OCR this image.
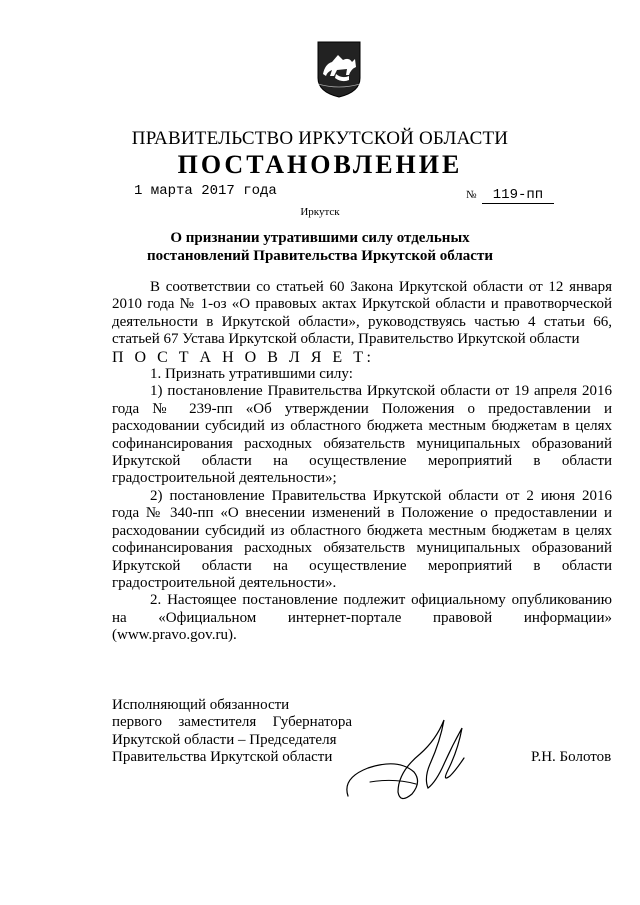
ПРАВИТЕЛЬСТВО ИРКУТСКОЙ ОБЛАСТИ
ПОСТАНОВЛЕНИЕ
1 марта 2017 года	№ 119-пп
Иркутск
О признании утратившими силу отдельных
постановлений Правительства Иркутской области

В соответствии со статьей 60 Закона Иркутской области от 12 января 2010 года № 1-оз «О правовых актах Иркутской области и правотворческой деятельности в Иркутской области», руководствуясь частью 4 статьи 66, статьей 67 Устава Иркутской области, Правительство Иркутской области

П О С Т А Н О В Л Я Е Т:

1. Признать утратившими силу:

1) постановление Правительства Иркутской области от 19 апреля 2016 года № 239-пп «Об утверждении Положения о предоставлении и расходовании субсидий из областного бюджета местным бюджетам в целях софинансирования расходных обязательств муниципальных образований Иркутской области на осуществление мероприятий в области градостроительной деятельности»;

2) постановление Правительства Иркутской области от 2 июня 2016 года № 340-пп «О внесении изменений в Положение о предоставлении и расходовании субсидий из областного бюджета местным бюджетам в целях софинансирования расходных обязательств муниципальных образований Иркутской области на осуществление мероприятий в области градостроительной деятельности».

2. Настоящее постановление подлежит официальному опубликованию на «Официальном интернет-портале правовой информации» (www.pravo.gov.ru).

Исполняющий обязанности

первого заместителя Губернатора

Иркутской области – Председателя

Правительства Иркутской области	Р.Н. Болотов
